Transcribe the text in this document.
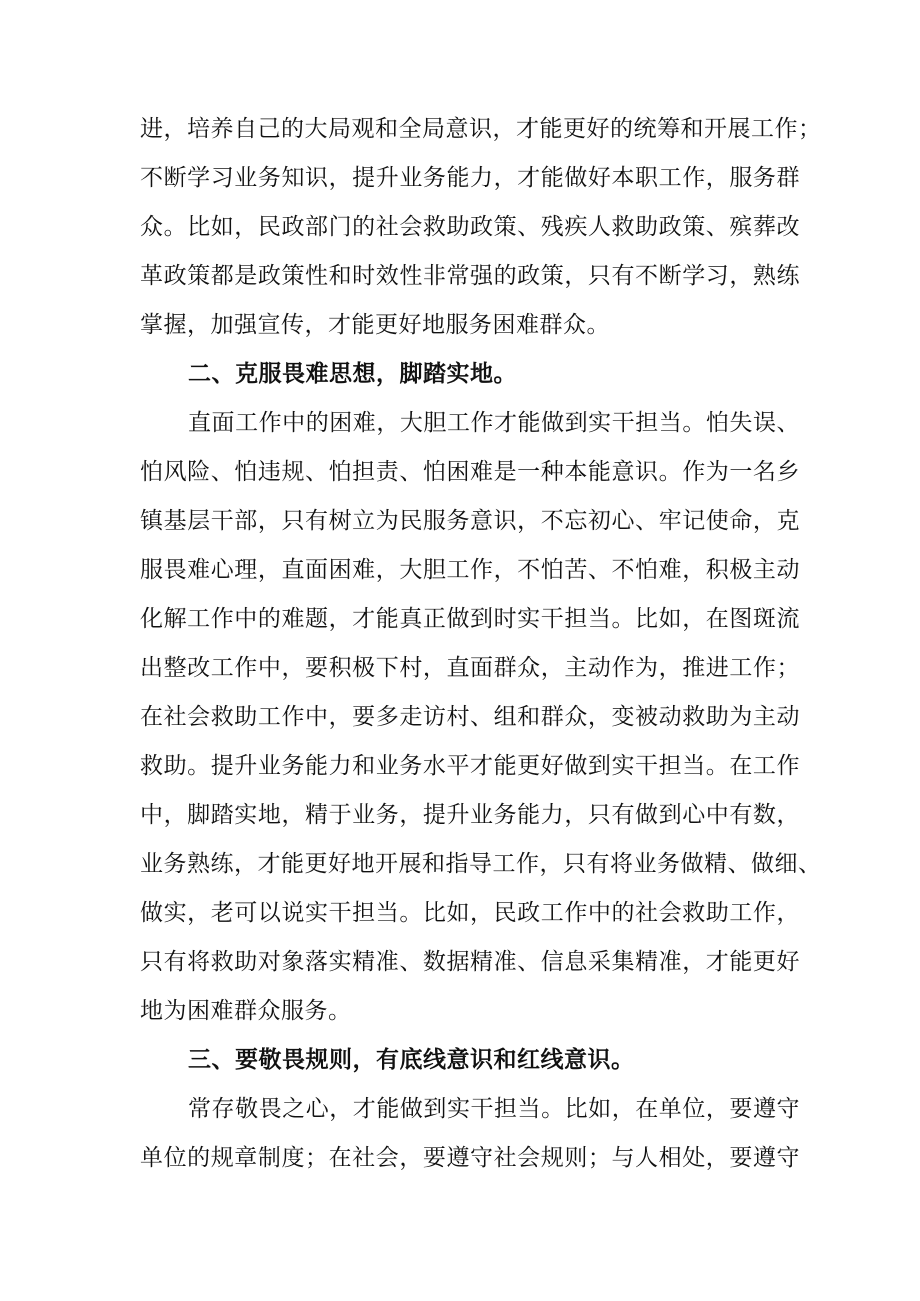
进，培养自己的大局观和全局意识，才能更好的统筹和开展工作；
不断学习业务知识，提升业务能力，才能做好本职工作，服务群
众。比如，民政部门的社会救助政策、残疾人救助政策、殡葬改
革政策都是政策性和时效性非常强的政策，只有不断学习，熟练
掌握，加强宣传，才能更好地服务困难群众。
二、克服畏难思想，脚踏实地。
直面工作中的困难，大胆工作才能做到实干担当。怕失误、
怕风险、怕违规、怕担责、怕困难是一种本能意识。作为一名乡
镇基层干部，只有树立为民服务意识，不忘初心、牢记使命，克
服畏难心理，直面困难，大胆工作，不怕苦、不怕难，积极主动
化解工作中的难题，才能真正做到时实干担当。比如，在图斑流
出整改工作中，要积极下村，直面群众，主动作为，推进工作；
在社会救助工作中，要多走访村、组和群众，变被动救助为主动
救助。提升业务能力和业务水平才能更好做到实干担当。在工作
中，脚踏实地，精于业务，提升业务能力，只有做到心中有数，
业务熟练，才能更好地开展和指导工作，只有将业务做精、做细、
做实，老可以说实干担当。比如，民政工作中的社会救助工作，
只有将救助对象落实精准、数据精准、信息采集精准，才能更好
地为困难群众服务。
三、要敬畏规则，有底线意识和红线意识。
常存敬畏之心，才能做到实干担当。比如，在单位，要遵守
单位的规章制度；在社会，要遵守社会规则；与人相处，要遵守
